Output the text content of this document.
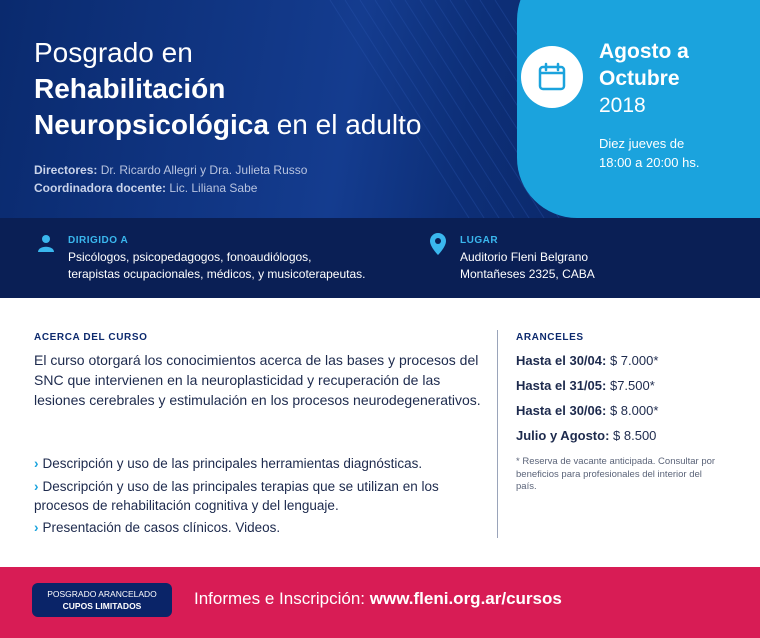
Agosto a
Octubre
2018
Diez jueves de
18:00 a 20:00 hs.
Posgrado en
Rehabilitación
Neuropsicológica en el adulto
Directores: Dr. Ricardo Allegri y Dra. Julieta Russo
Coordinadora docente: Lic. Liliana Sabe
DIRIGIDO A
Psicólogos, psicopedagogos, fonoaudiólogos,
terapistas ocupacionales, médicos, y musicoterapeutas.
LUGAR
Auditorio Fleni Belgrano
Montañeses 2325, CABA
ACERCA DEL CURSO
El curso otorgará los conocimientos acerca de las bases y procesos del SNC que intervienen en la neuroplasticidad y recuperación de las lesiones cerebrales y estimulación en los procesos neurodegenerativos.
› Descripción y uso de las principales herramientas diagnósticas.
› Descripción y uso de las principales terapias que se utilizan en los procesos de rehabilitación cognitiva y del lenguaje.
› Presentación de casos clínicos. Videos.
ARANCELES
Hasta el 30/04: $ 7.000*
Hasta el 31/05: $7.500*
Hasta el 30/06: $ 8.000*
Julio y Agosto: $ 8.500
* Reserva de vacante anticipada. Consultar por beneficios para profesionales del interior del país.
POSGRADO ARANCELADO
CUPOS LIMITADOS	Informes e Inscripción: www.fleni.org.ar/cursos
